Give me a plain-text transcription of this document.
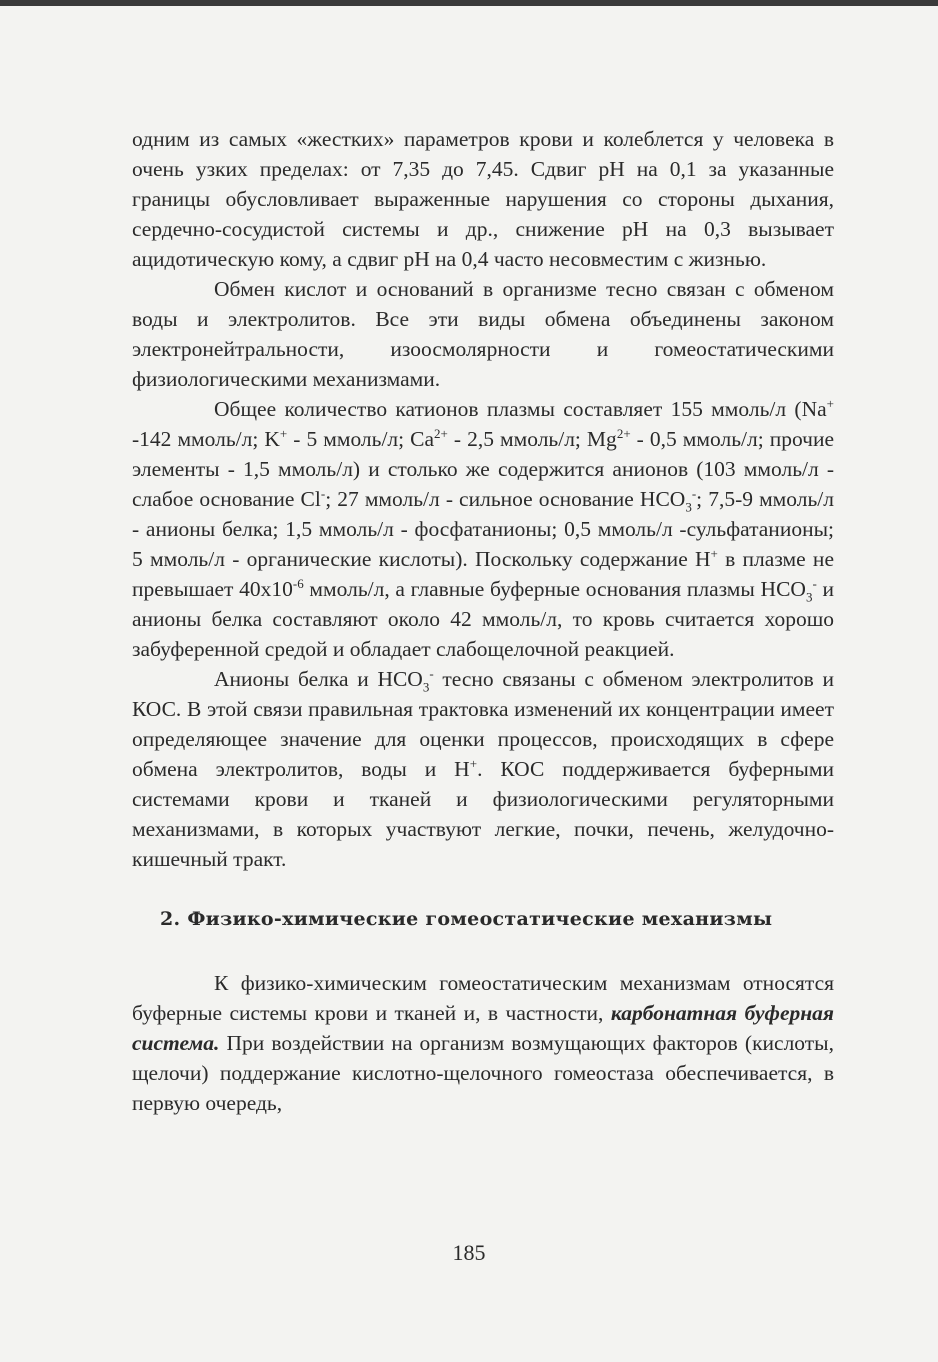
одним из самых «жестких» параметров крови и колеблется у человека в очень узких пределах: от 7,35 до 7,45. Сдвиг pH на 0,1 за указанные границы обусловливает выраженные нарушения со стороны дыхания, сердечно-сосудистой системы и др., снижение pH на 0,3 вызывает ацидотическую кому, а сдвиг pH на 0,4 часто несовместим с жизнью.

Обмен кислот и оснований в организме тесно связан с обменом воды и электролитов. Все эти виды обмена объединены законом электронейтральности, изоосмолярности и гомеостатическими физиологическими механизмами.

Общее количество катионов плазмы составляет 155 ммоль/л (Na+ -142 ммоль/л; K+ - 5 ммоль/л; $Ca^{2+} - 2,5$ ммоль/л; $Mg^{2+} - 0,5$ ммоль/л; прочие элементы - 1,5 ммоль/л) и столько же содержится анионов (103 ммоль/л - слабое основание Cl-; 27 ммоль/л - сильное основание $HCO_3^-$; 7,5-9 ммоль/л - анионы белка; 1,5 ммоль/л - фосфатанионы; 0,5 ммоль/л -сульфатанионы; 5 ммоль/л - органические кислоты). Поскольку содержание H+ в плазме не превышает $40x10^{-6}$ ммоль/л, а главные буферные основания плазмы $HCO_3^-$ и анионы белка составляют около 42 ммоль/л, то кровь считается хорошо забуференной средой и обладает слабощелочной реакцией.

Анионы белка и $HCO_3^-$ тесно связаны с обменом электролитов и КОС. В этой связи правильная трактовка изменений их концентрации имеет определяющее значение для оценки процессов, происходящих в сфере обмена электролитов, воды и H+. КОС поддерживается буферными системами крови и тканей и физиологическими регуляторными механизмами, в которых участвуют легкие, почки, печень, желудочно-кишечный тракт.

2. Физико-химические гомеостатические механизмы

К физико-химическим гомеостатическим механизмам относятся буферные системы крови и тканей и, в частности, карбонатная буферная система. При воздействии на организм возмущающих факторов (кислоты, щелочи) поддержание кислотно-щелочного гомеостаза обеспечивается, в первую очередь,

185
